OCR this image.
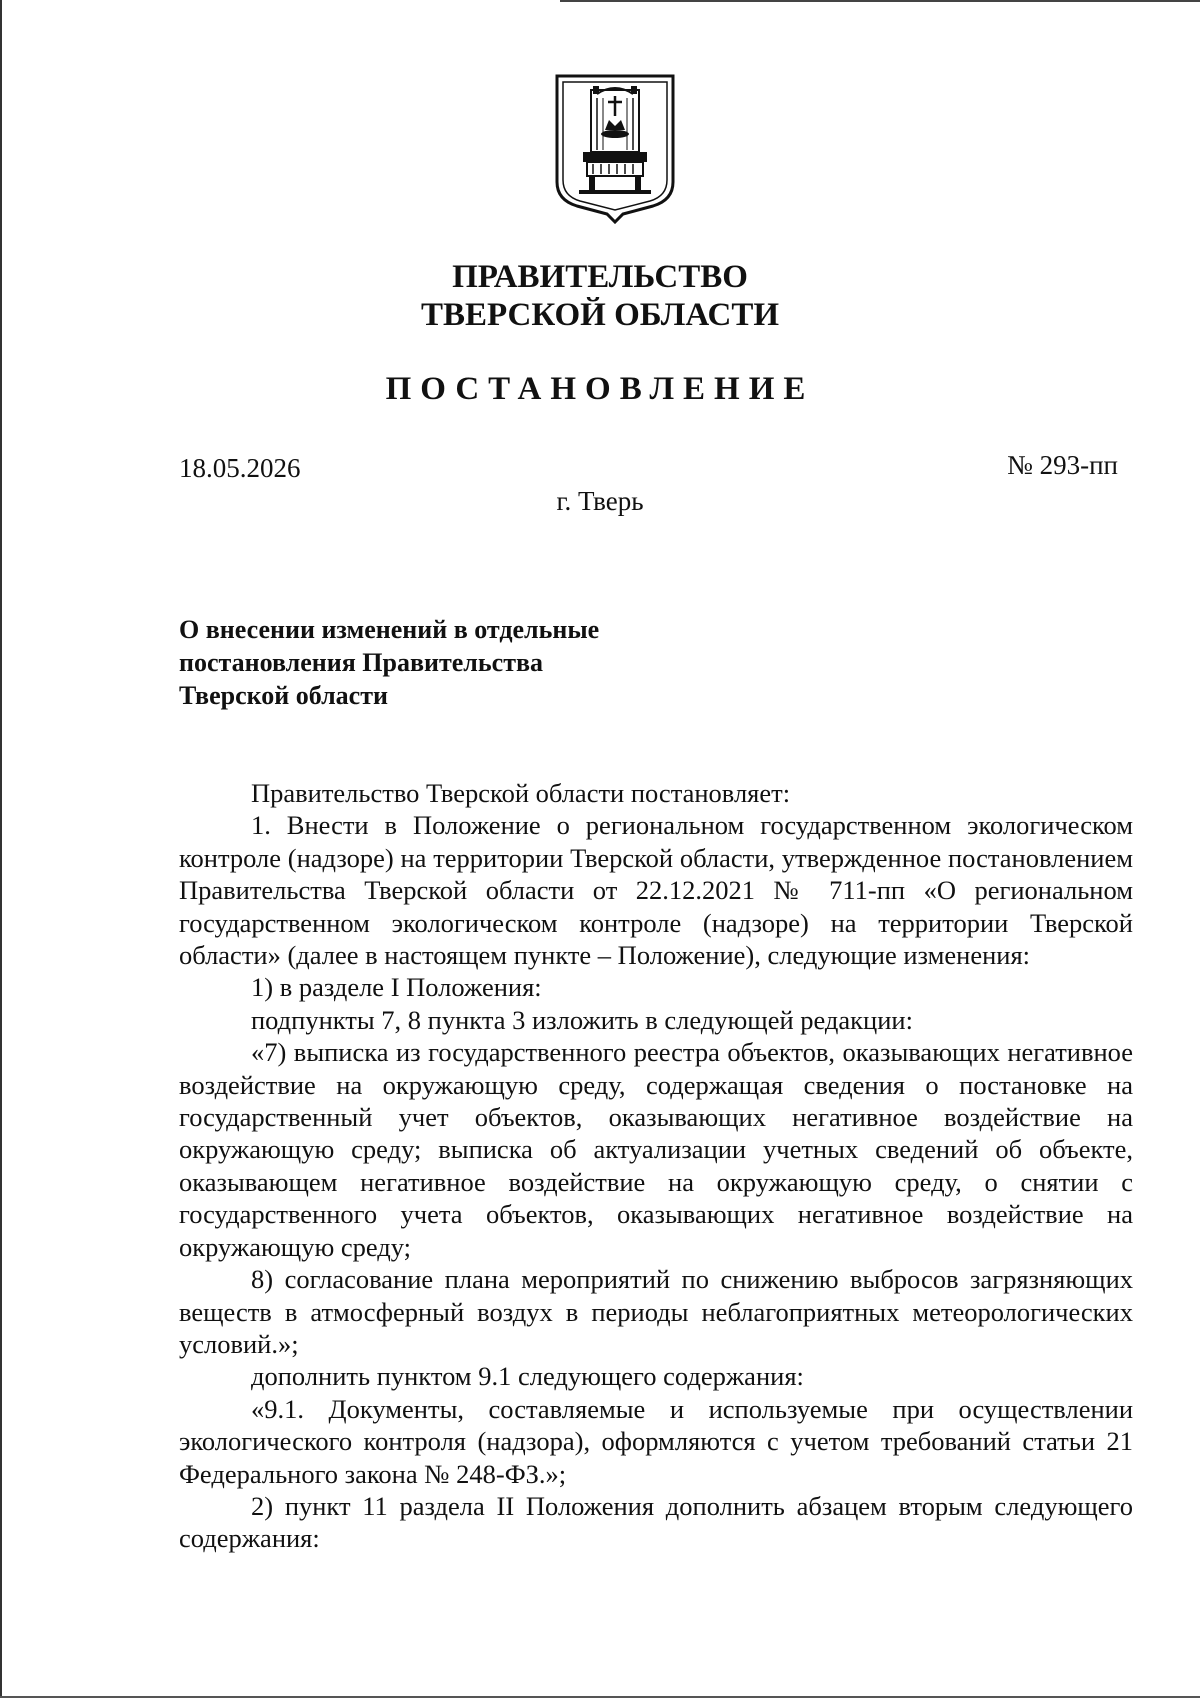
ПРАВИТЕЛЬСТВО
ТВЕРСКОЙ ОБЛАСТИ
ПОСТАНОВЛЕНИЕ
18.05.2026	№ 293-пп
г. Тверь
О внесении изменений в отдельные
постановления Правительства
Тверской области

Правительство Тверской области постановляет:

1. Внести в Положение о региональном государственном экологическом контроле (надзоре) на территории Тверской области, утвержденное постановлением Правительства Тверской области от 22.12.2021 № 711-пп «О региональном государственном экологическом контроле (надзоре) на территории Тверской области» (далее в настоящем пункте – Положение), следующие изменения:

1) в разделе I Положения:

подпункты 7, 8 пункта 3 изложить в следующей редакции:

«7) выписка из государственного реестра объектов, оказывающих негативное воздействие на окружающую среду, содержащая сведения о постановке на государственный учет объектов, оказывающих негативное воздействие на окружающую среду; выписка об актуализации учетных сведений об объекте, оказывающем негативное воздействие на окружающую среду, о снятии с государственного учета объектов, оказывающих негативное воздействие на окружающую среду;

8) согласование плана мероприятий по снижению выбросов загрязняющих веществ в атмосферный воздух в периоды неблагоприятных метеорологических условий.»;

дополнить пунктом 9.1 следующего содержания:

«9.1. Документы, составляемые и используемые при осуществлении экологического контроля (надзора), оформляются с учетом требований статьи 21 Федерального закона № 248-ФЗ.»;

2) пункт 11 раздела II Положения дополнить абзацем вторым следующего содержания:
